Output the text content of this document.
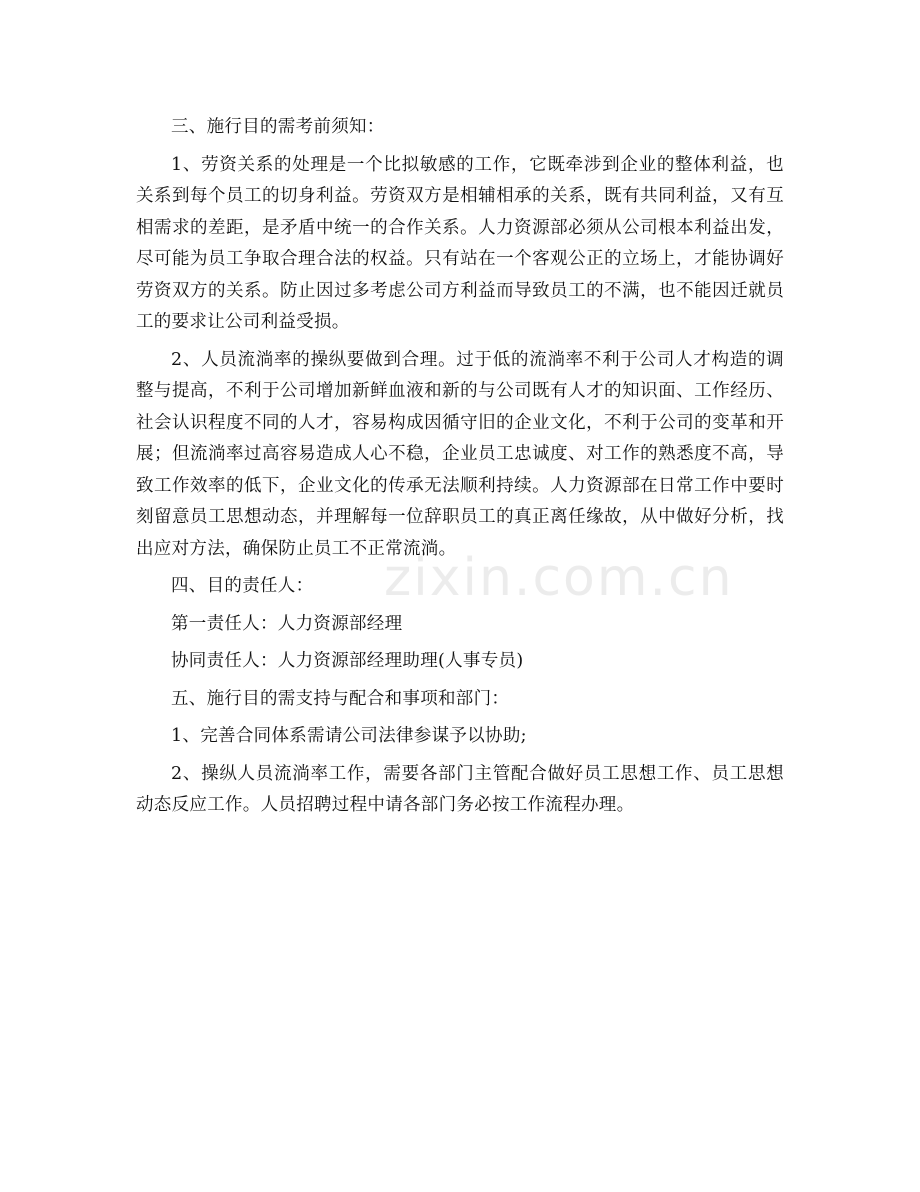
三、施行目的需考前须知：

1、劳资关系的处理是一个比拟敏感的工作，它既牵涉到企业的整体利益，也关系到每个员工的切身利益。劳资双方是相辅相承的关系，既有共同利益，又有互相需求的差距，是矛盾中统一的合作关系。人力资源部必须从公司根本利益出发，尽可能为员工争取合理合法的权益。只有站在一个客观公正的立场上，才能协调好劳资双方的关系。防止因过多考虑公司方利益而导致员工的不满，也不能因迁就员工的要求让公司利益受损。

2、人员流淌率的操纵要做到合理。过于低的流淌率不利于公司人才构造的调整与提高，不利于公司增加新鲜血液和新的与公司既有人才的知识面、工作经历、社会认识程度不同的人才，容易构成因循守旧的企业文化，不利于公司的变革和开展；但流淌率过高容易造成人心不稳，企业员工忠诚度、对工作的熟悉度不高，导致工作效率的低下，企业文化的传承无法顺利持续。人力资源部在日常工作中要时刻留意员工思想动态，并理解每一位辞职员工的真正离任缘故，从中做好分析，找出应对方法，确保防止员工不正常流淌。

四、目的责任人：

第一责任人：人力资源部经理

协同责任人：人力资源部经理助理(人事专员)

五、施行目的需支持与配合和事项和部门：

1、完善合同体系需请公司法律参谋予以协助;

2、操纵人员流淌率工作，需要各部门主管配合做好员工思想工作、员工思想动态反应工作。人员招聘过程中请各部门务必按工作流程办理。

zixin.com.cn
